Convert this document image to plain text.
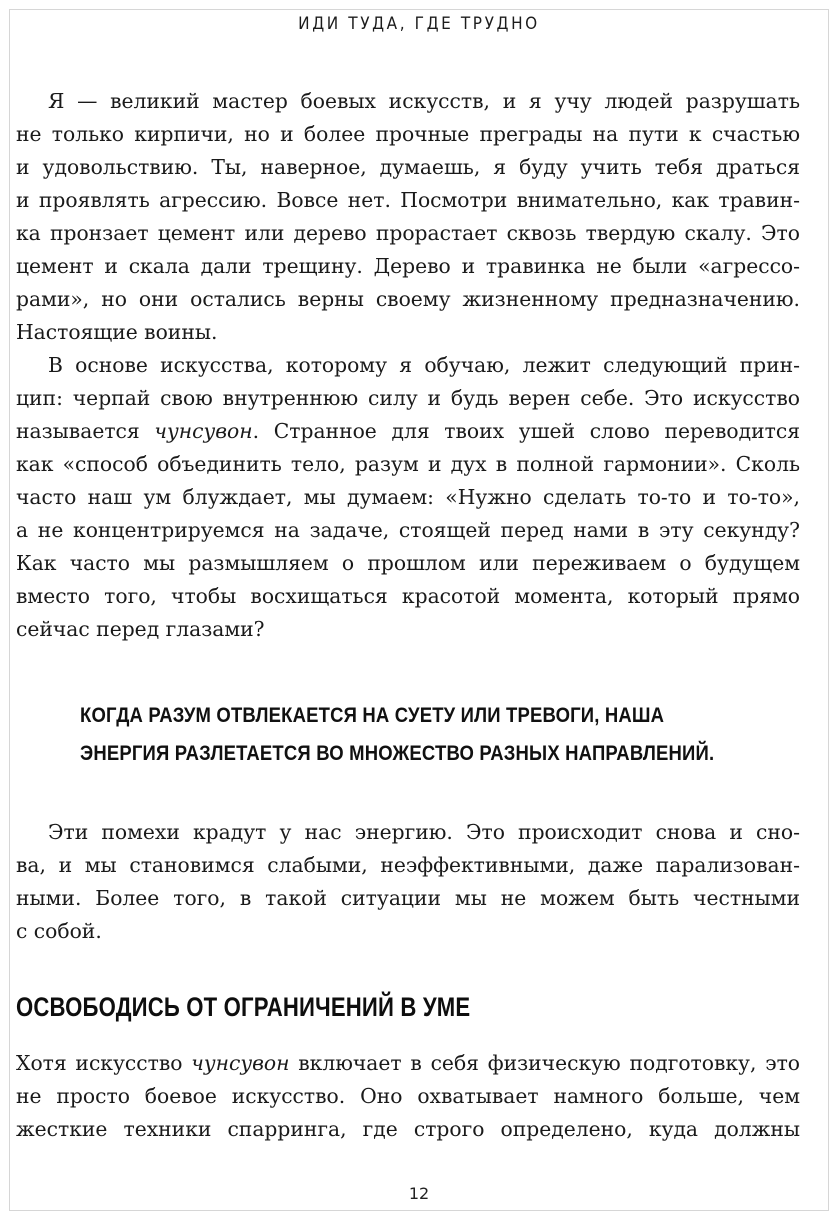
ИДИ ТУДА, ГДЕ ТРУДНО

Я — великий мастер боевых искусств, и я учу людей разрушать
не только кирпичи, но и более прочные преграды на пути к счастью
и удовольствию. Ты, наверное, думаешь, я буду учить тебя драться
и проявлять агрессию. Вовсе нет. Посмотри внимательно, как травин-
ка пронзает цемент или дерево прорастает сквозь твердую скалу. Это
цемент и скала дали трещину. Дерево и травинка не были «агрессо-
рами», но они остались верны своему жизненному предназначению.
Настоящие воины.

В основе искусства, которому я обучаю, лежит следующий прин-
цип: черпай свою внутреннюю силу и будь верен себе. Это искусство
называется чунсувон. Странное для твоих ушей слово переводится
как «способ объединить тело, разум и дух в полной гармонии». Сколь
часто наш ум блуждает, мы думаем: «Нужно сделать то-то и то-то»,
а не концентрируемся на задаче, стоящей перед нами в эту секунду?
Как часто мы размышляем о прошлом или переживаем о будущем
вместо того, чтобы восхищаться красотой момента, который прямо
сейчас перед глазами?

КОГДА РАЗУМ ОТВЛЕКАЕТСЯ НА СУЕТУ ИЛИ ТРЕВОГИ, НАША
ЭНЕРГИЯ РАЗЛЕТАЕТСЯ ВО МНОЖЕСТВО РАЗНЫХ НАПРАВЛЕНИЙ.

Эти помехи крадут у нас энергию. Это происходит снова и сно-
ва, и мы становимся слабыми, неэффективными, даже парализован-
ными. Более того, в такой ситуации мы не можем быть честными
с собой.

ОСВОБОДИСЬ ОТ ОГРАНИЧЕНИЙ В УМЕ

Хотя искусство чунсувон включает в себя физическую подготовку, это
не просто боевое искусство. Оно охватывает намного больше, чем
жесткие техники спарринга, где строго определено, куда должны

12
